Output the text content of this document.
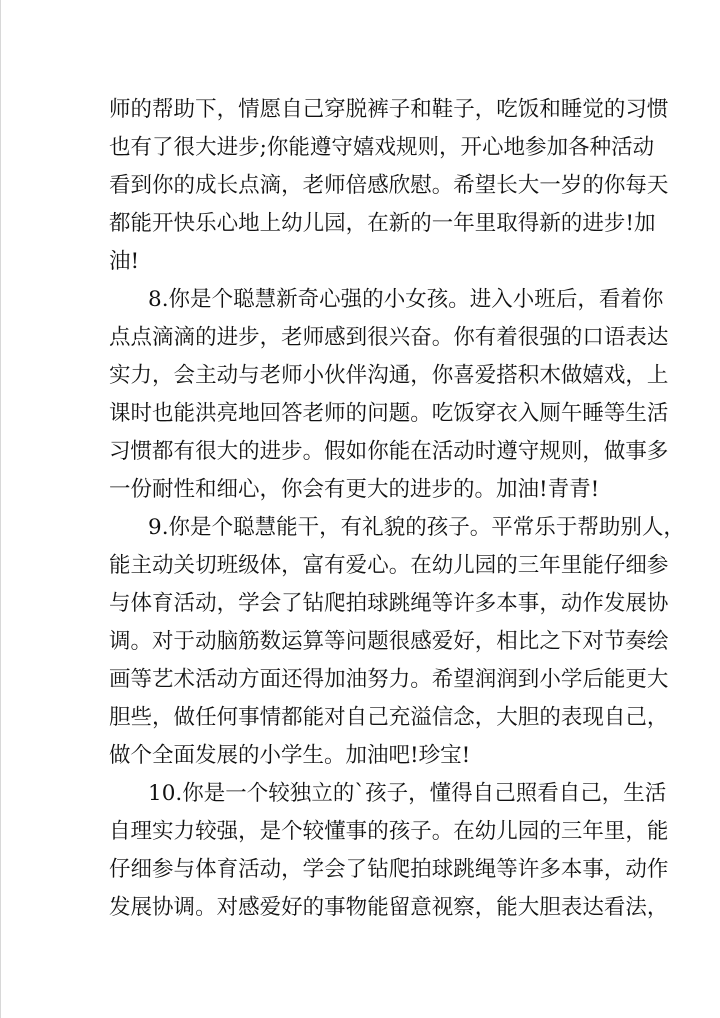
师 的 帮 助 下 ， 情 愿 自 己 穿 脱 裤 子 和 鞋 子 ， 吃 饭 和 睡 觉 的 习 惯
也 有 了 很 大 进 步 ; 你 能 遵 守 嬉 戏 规 则 ， 开 心 地 参 加 各 种 活 动
看 到 你 的 成 长 点 滴 ， 老 师 倍 感 欣 慰 。 希 望 长 大 一 岁 的 你 每 天
都 能 开 快 乐 心 地 上 幼 儿 园 ， 在 新 的 一 年 里 取 得 新 的 进 步 ! 加
油!
8 . 你 是 个 聪 慧 新 奇 心 强 的 小 女 孩 。 进 入 小 班 后 ， 看 着 你
点 点 滴 滴 的 进 步 ， 老 师 感 到 很 兴 奋 。 你 有 着 很 强 的 口 语 表 达
实 力 ， 会 主 动 与 老 师 小 伙 伴 沟 通 ， 你 喜 爱 搭 积 木 做 嬉 戏 ， 上
课 时 也 能 洪 亮 地 回 答 老 师 的 问 题 。 吃 饭 穿 衣 入 厕 午 睡 等 生 活
习 惯 都 有 很 大 的 进 步 。 假 如 你 能 在 活 动 时 遵 守 规 则 ， 做 事 多
一份耐性和细心，你会有更大的进步的。加油!青青!
9 . 你 是 个 聪 慧 能 干 ， 有 礼 貌 的 孩 子 。 平 常 乐 于 帮 助 别 人 ，
能 主 动 关 切 班 级 体 ， 富 有 爱 心 。 在 幼 儿 园 的 三 年 里 能 仔 细 参
与 体 育 活 动 ， 学 会 了 钻 爬 拍 球 跳 绳 等 许 多 本 事 ， 动 作 发 展 协
调 。 对 于 动 脑 筋 数 运 算 等 问 题 很 感 爱 好 ， 相 比 之 下 对 节 奏 绘
画 等 艺 术 活 动 方 面 还 得 加 油 努 力 。 希 望 润 润 到 小 学 后 能 更 大
胆 些 ， 做 任 何 事 情 都 能 对 自 己 充 溢 信 念 ， 大 胆 的 表 现 自 己 ，
做个全面发展的小学生。加油吧!珍宝!
1 0 . 你 是 一 个 较 独 立 的 ` 孩 子 ， 懂 得 自 己 照 看 自 己 ， 生 活
自 理 实 力 较 强 ， 是 个 较 懂 事 的 孩 子 。 在 幼 儿 园 的 三 年 里 ， 能
仔 细 参 与 体 育 活 动 ， 学 会 了 钻 爬 拍 球 跳 绳 等 许 多 本 事 ， 动 作
发 展 协 调 。 对 感 爱 好 的 事 物 能 留 意 视 察 ， 能 大 胆 表 达 看 法 ，
